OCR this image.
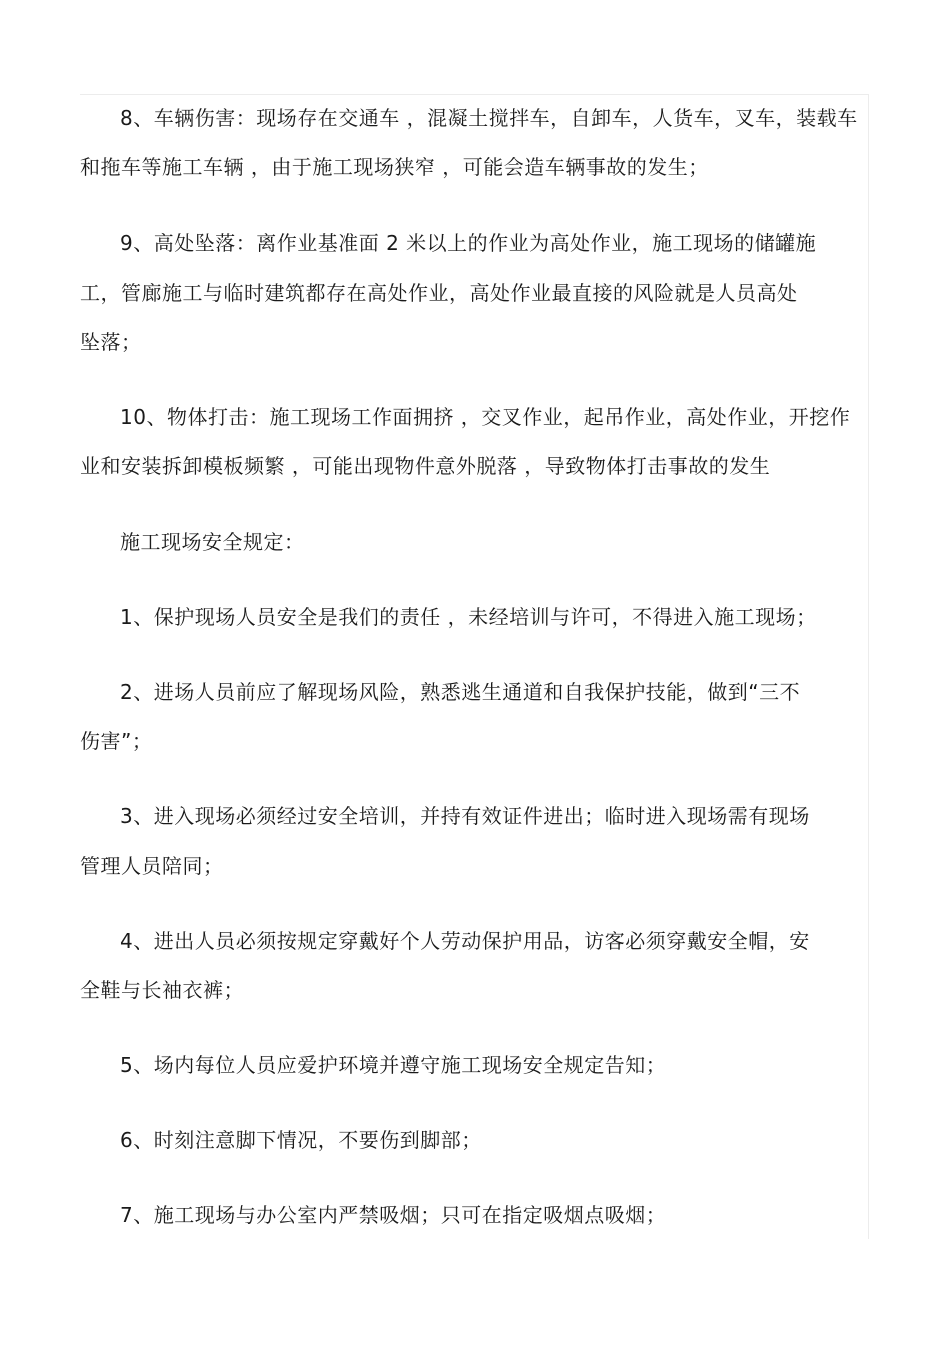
8、车辆伤害：现场存在交通车 ，混凝土搅拌车，自卸车，人货车，叉车，装载车
和拖车等施工车辆 ，由于施工现场狭窄 ，可能会造车辆事故的发生；
9、高处坠落：离作业基准面 2 米以上的作业为高处作业，施工现场的储罐施
工，管廊施工与临时建筑都存在高处作业，高处作业最直接的风险就是人员高处
坠落；
10、物体打击：施工现场工作面拥挤 ，交叉作业，起吊作业，高处作业，开挖作
业和安装拆卸模板频繁 ，可能出现物件意外脱落 ，导致物体打击事故的发生
施工现场安全规定：
1、保护现场人员安全是我们的责任 ，未经培训与许可，不得进入施工现场；
2、进场人员前应了解现场风险，熟悉逃生通道和自我保护技能，做到“三不
伤害”；
3、进入现场必须经过安全培训，并持有效证件进出；临时进入现场需有现场
管理人员陪同；
4、进出人员必须按规定穿戴好个人劳动保护用品，访客必须穿戴安全帽，安
全鞋与长袖衣裤；
5、场内每位人员应爱护环境并遵守施工现场安全规定告知；
6、时刻注意脚下情况，不要伤到脚部；
7、施工现场与办公室内严禁吸烟；只可在指定吸烟点吸烟；
